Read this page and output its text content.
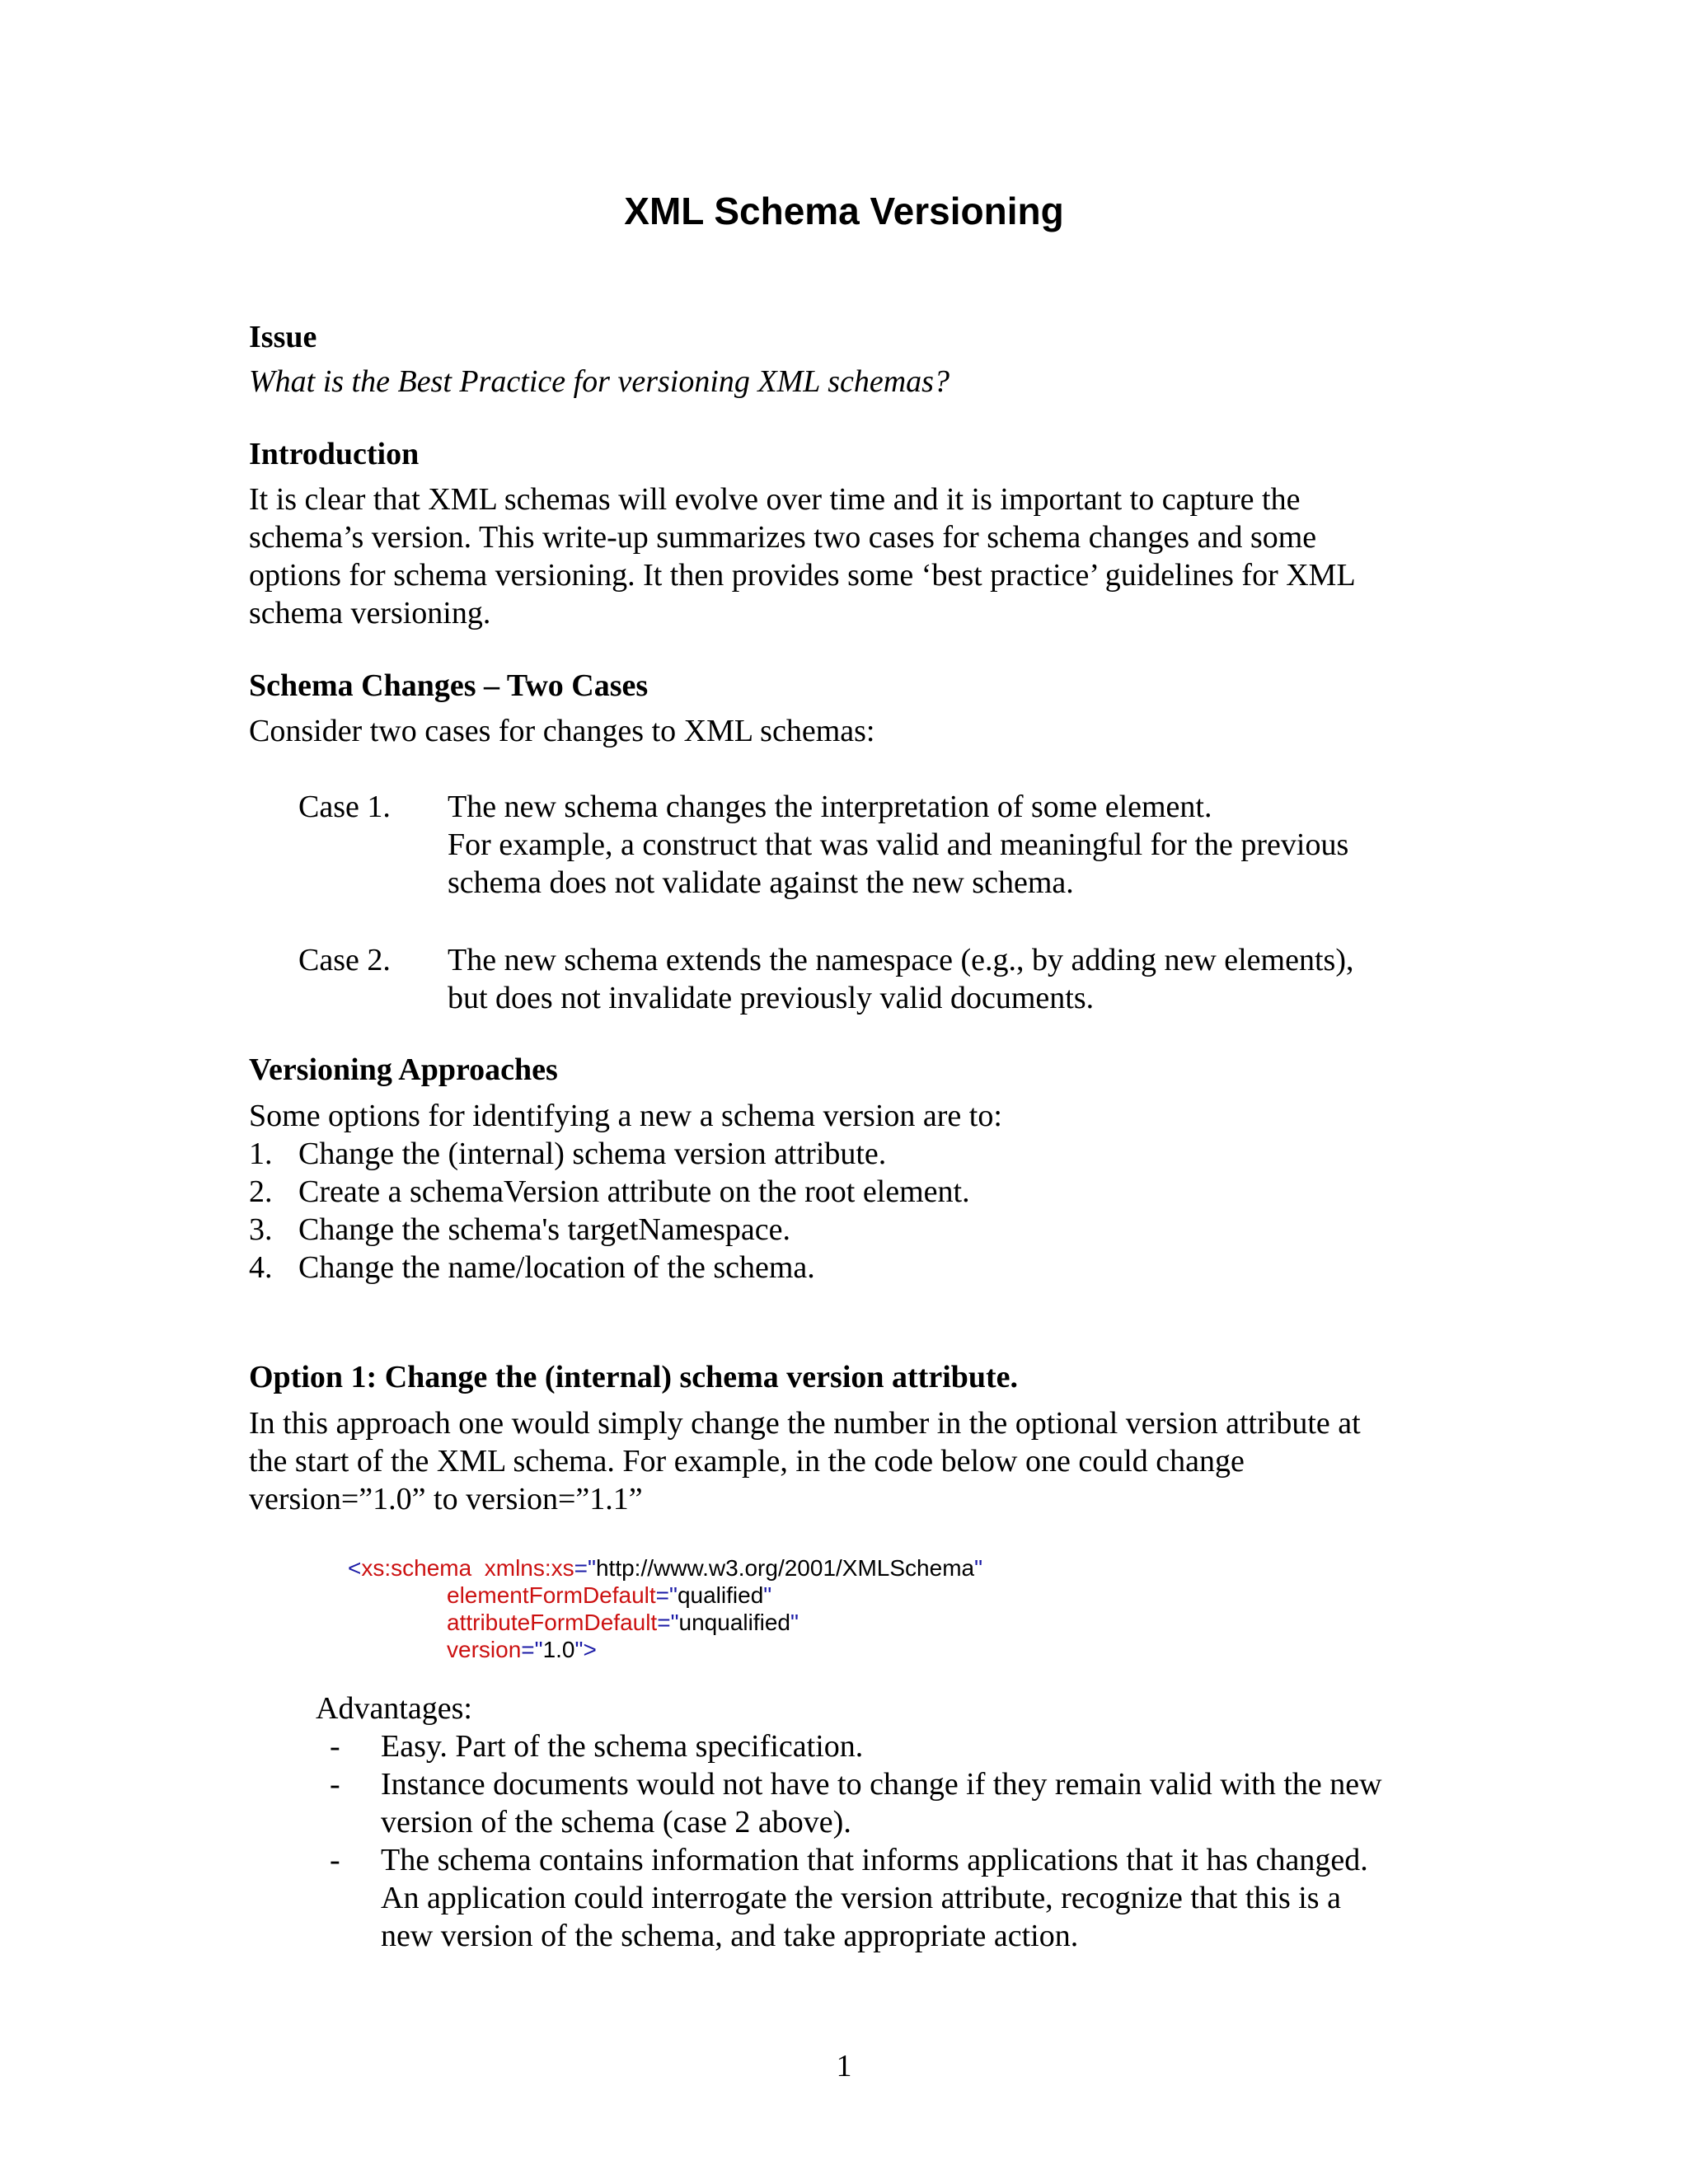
XML Schema Versioning
Issue
What is the Best Practice for versioning XML schemas?
Introduction
It is clear that XML schemas will evolve over time and it is important to capture the
schema’s version. This write-up summarizes two cases for schema changes and some
options for schema versioning. It then provides some ‘best practice’ guidelines for XML
schema versioning.
Schema Changes – Two Cases
Consider two cases for changes to XML schemas:
Case 1. The new schema changes the interpretation of some element.
For example, a construct that was valid and meaningful for the previous
schema does not validate against the new schema.
Case 2. The new schema extends the namespace (e.g., by adding new elements),
but does not invalidate previously valid documents.
Versioning Approaches
Some options for identifying a new a schema version are to:
1. Change the (internal) schema version attribute.
2. Create a schemaVersion attribute on the root element.
3. Change the schema's targetNamespace.
4. Change the name/location of the schema.
Option 1: Change the (internal) schema version attribute.
In this approach one would simply change the number in the optional version attribute at
the start of the XML schema. For example, in the code below one could change
version=”1.0” to version=”1.1”
<xs:schema xmlns:xs="http://www.w3.org/2001/XMLSchema"
elementFormDefault="qualified"
attributeFormDefault="unqualified"
version="1.0">
Advantages:
- Easy. Part of the schema specification.
- Instance documents would not have to change if they remain valid with the new
version of the schema (case 2 above).
- The schema contains information that informs applications that it has changed.
An application could interrogate the version attribute, recognize that this is a
new version of the schema, and take appropriate action.
1
